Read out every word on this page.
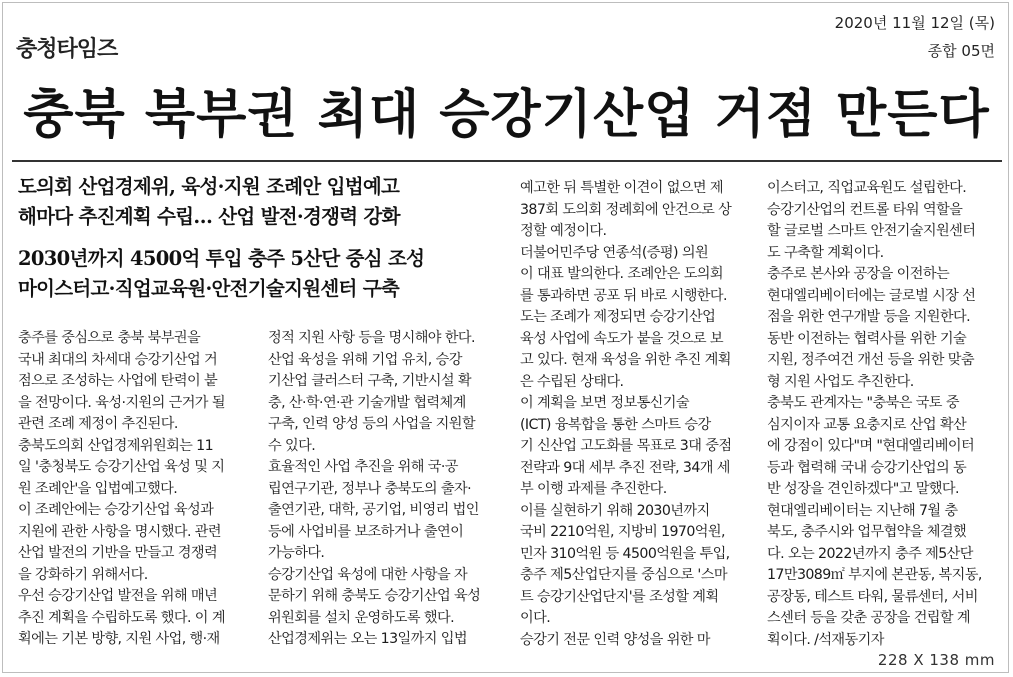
충청타임즈
2020년 11월 12일 (목)
종합 05면
충북 북부권 최대 승강기산업 거점 만든다

도의회 산업경제위, 육성·지원 조례안 입법예고

해마다 추진계획 수립… 산업 발전·경쟁력 강화

2030년까지 4500억 투입 충주 5산단 중심 조성

마이스터고·직업교육원·안전기술지원센터 구축

충주를 중심으로 충북 북부권을

국내 최대의 차세대 승강기산업 거

점으로 조성하는 사업에 탄력이 붙

을 전망이다. 육성·지원의 근거가 될

관련 조례 제정이 추진된다.

충북도의회 산업경제위원회는 11

일 '충청북도 승강기산업 육성 및 지

원 조례안'을 입법예고했다.

이 조례안에는 승강기산업 육성과

지원에 관한 사항을 명시했다. 관련

산업 발전의 기반을 만들고 경쟁력

을 강화하기 위해서다.

우선 승강기산업 발전을 위해 매년

추진 계획을 수립하도록 했다. 이 계

획에는 기본 방향, 지원 사업, 행·재

정적 지원 사항 등을 명시해야 한다.

산업 육성을 위해 기업 유치, 승강

기산업 클러스터 구축, 기반시설 확

충, 산·학·연·관 기술개발 협력체계

구축, 인력 양성 등의 사업을 지원할

수 있다.

효율적인 사업 추진을 위해 국·공

립연구기관, 정부나 충북도의 출자·

출연기관, 대학, 공기업, 비영리 법인

등에 사업비를 보조하거나 출연이

가능하다.

승강기산업 육성에 대한 사항을 자

문하기 위해 충북도 승강기산업 육성

위원회를 설치 운영하도록 했다.

산업경제위는 오는 13일까지 입법

예고한 뒤 특별한 이견이 없으면 제

387회 도의회 정례회에 안건으로 상

정할 예정이다.

더불어민주당 연종석(증평) 의원

이 대표 발의한다. 조례안은 도의회

를 통과하면 공포 뒤 바로 시행한다.

도는 조례가 제정되면 승강기산업

육성 사업에 속도가 붙을 것으로 보

고 있다. 현재 육성을 위한 추진 계획

은 수립된 상태다.

이 계획을 보면 정보통신기술

(ICT) 융복합을 통한 스마트 승강

기 신산업 고도화를 목표로 3대 중점

전략과 9대 세부 추진 전략, 34개 세

부 이행 과제를 추진한다.

이를 실현하기 위해 2030년까지

국비 2210억원, 지방비 1970억원,

민자 310억원 등 4500억원을 투입,

충주 제5산업단지를 중심으로 '스마

트 승강기산업단지'를 조성할 계획

이다.

승강기 전문 인력 양성을 위한 마

이스터고, 직업교육원도 설립한다.

승강기산업의 컨트롤 타워 역할을

할 글로벌 스마트 안전기술지원센터

도 구축할 계획이다.

충주로 본사와 공장을 이전하는

현대엘리베이터에는 글로벌 시장 선

점을 위한 연구개발 등을 지원한다.

동반 이전하는 협력사를 위한 기술

지원, 정주여건 개선 등을 위한 맞춤

형 지원 사업도 추진한다.

충북도 관계자는 "충북은 국토 중

심지이자 교통 요충지로 산업 확산

에 강점이 있다"며 "현대엘리베이터

등과 협력해 국내 승강기산업의 동

반 성장을 견인하겠다"고 말했다.

현대엘리베이터는 지난해 7월 충

북도, 충주시와 업무협약을 체결했

다. 오는 2022년까지 충주 제5산단

17만3089㎡ 부지에 본관동, 복지동,

공장동, 테스트 타워, 물류센터, 서비

스센터 등을 갖춘 공장을 건립할 계

획이다. /석재동기자

228 X 138 mm
